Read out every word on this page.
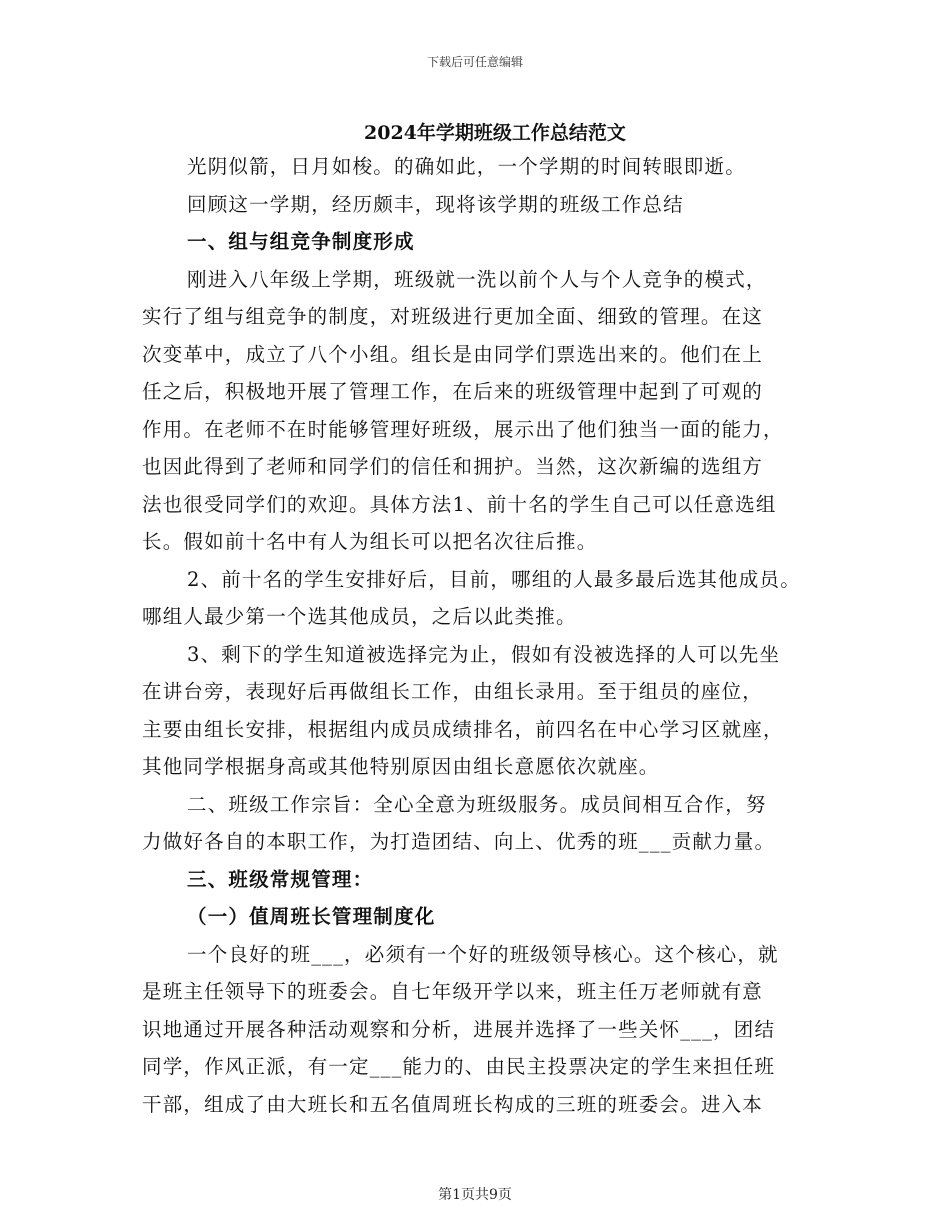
下载后可任意编辑
2024年学期班级工作总结范文
光阴似箭，日月如梭。的确如此，一个学期的时间转眼即逝。
回顾这一学期，经历颇丰，现将该学期的班级工作总结
一、组与组竞争制度形成
刚进入八年级上学期，班级就一洗以前个人与个人竞争的模式，
实行了组与组竞争的制度，对班级进行更加全面、细致的管理。在这
次变革中，成立了八个小组。组长是由同学们票选出来的。他们在上
任之后，积极地开展了管理工作，在后来的班级管理中起到了可观的
作用。在老师不在时能够管理好班级，展示出了他们独当一面的能力，
也因此得到了老师和同学们的信任和拥护。当然，这次新编的选组方
法也很受同学们的欢迎。具体方法1、前十名的学生自己可以任意选组
长。假如前十名中有人为组长可以把名次往后推。
2、前十名的学生安排好后，目前，哪组的人最多最后选其他成员。
哪组人最少第一个选其他成员，之后以此类推。
3、剩下的学生知道被选择完为止，假如有没被选择的人可以先坐
在讲台旁，表现好后再做组长工作，由组长录用。至于组员的座位，
主要由组长安排，根据组内成员成绩排名，前四名在中心学习区就座，
其他同学根据身高或其他特别原因由组长意愿依次就座。
二、班级工作宗旨：全心全意为班级服务。成员间相互合作，努
力做好各自的本职工作，为打造团结、向上、优秀的班___贡献力量。
三、班级常规管理：
（一）值周班长管理制度化
一个良好的班___，必须有一个好的班级领导核心。这个核心，就
是班主任领导下的班委会。自七年级开学以来，班主任万老师就有意
识地通过开展各种活动观察和分析，进展并选择了一些关怀___，团结
同学，作风正派，有一定___能力的、由民主投票决定的学生来担任班
干部，组成了由大班长和五名值周班长构成的三班的班委会。进入本
第1页共9页
